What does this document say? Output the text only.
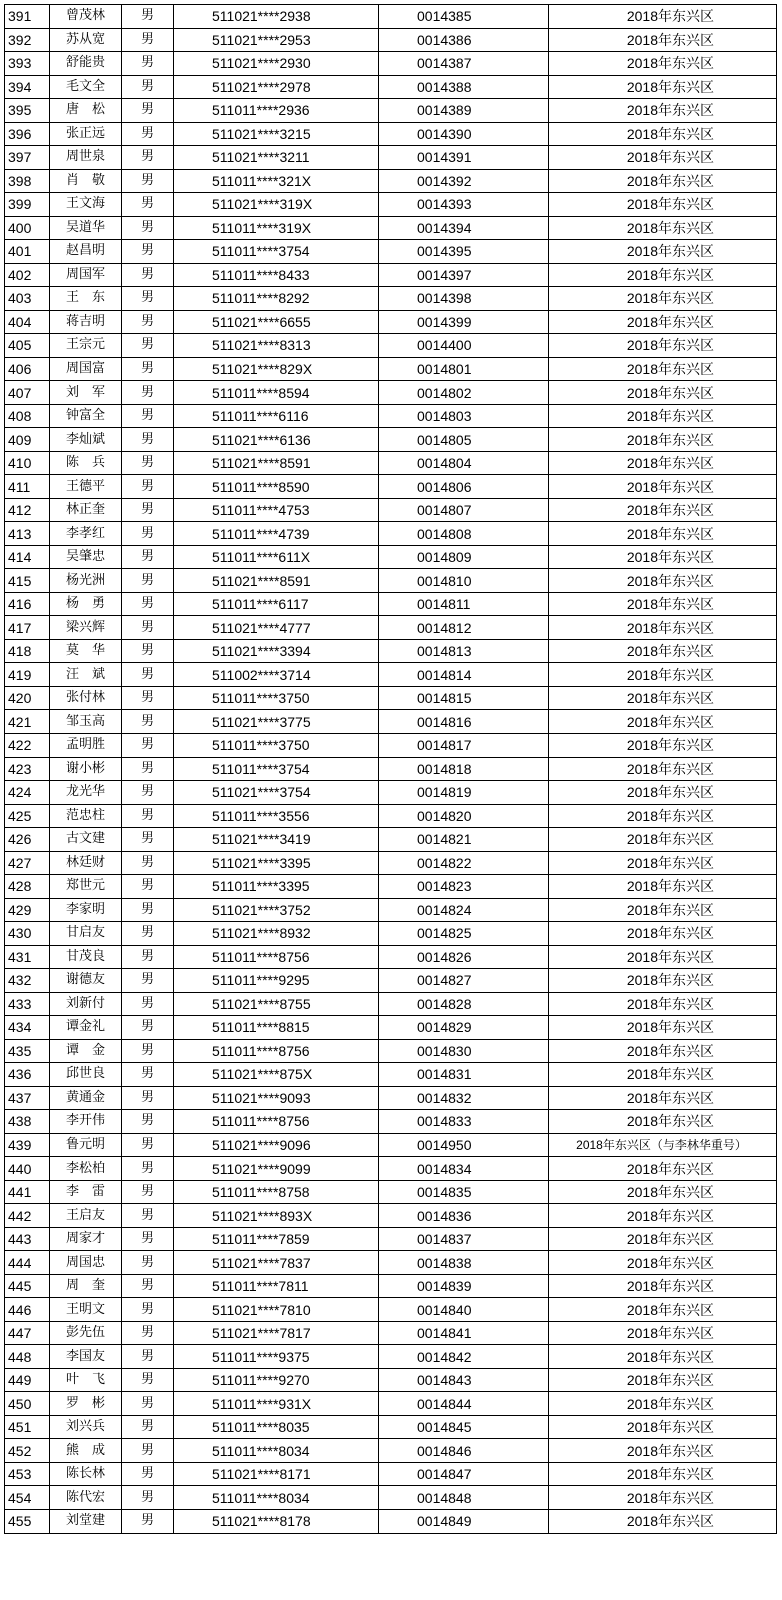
391	曾茂林	男	511021****2938	0014385	2018年东兴区
392	苏从宽	男	511021****2953	0014386	2018年东兴区
393	舒能贵	男	511021****2930	0014387	2018年东兴区
394	毛文全	男	511021****2978	0014388	2018年东兴区
395	唐　松	男	511011****2936	0014389	2018年东兴区
396	张正远	男	511021****3215	0014390	2018年东兴区
397	周世泉	男	511021****3211	0014391	2018年东兴区
398	肖　敬	男	511011****321X	0014392	2018年东兴区
399	王文海	男	511021****319X	0014393	2018年东兴区
400	吴道华	男	511011****319X	0014394	2018年东兴区
401	赵昌明	男	511011****3754	0014395	2018年东兴区
402	周国军	男	511011****8433	0014397	2018年东兴区
403	王　东	男	511011****8292	0014398	2018年东兴区
404	蒋吉明	男	511021****6655	0014399	2018年东兴区
405	王宗元	男	511021****8313	0014400	2018年东兴区
406	周国富	男	511021****829X	0014801	2018年东兴区
407	刘　军	男	511011****8594	0014802	2018年东兴区
408	钟富全	男	511011****6116	0014803	2018年东兴区
409	李灿斌	男	511021****6136	0014805	2018年东兴区
410	陈　兵	男	511021****8591	0014804	2018年东兴区
411	王德平	男	511011****8590	0014806	2018年东兴区
412	林正奎	男	511011****4753	0014807	2018年东兴区
413	李孝红	男	511011****4739	0014808	2018年东兴区
414	吴肇忠	男	511011****611X	0014809	2018年东兴区
415	杨光洲	男	511021****8591	0014810	2018年东兴区
416	杨　勇	男	511011****6117	0014811	2018年东兴区
417	梁兴辉	男	511021****4777	0014812	2018年东兴区
418	莫　华	男	511021****3394	0014813	2018年东兴区
419	汪　斌	男	511002****3714	0014814	2018年东兴区
420	张付林	男	511011****3750	0014815	2018年东兴区
421	邹玉高	男	511021****3775	0014816	2018年东兴区
422	孟明胜	男	511011****3750	0014817	2018年东兴区
423	谢小彬	男	511011****3754	0014818	2018年东兴区
424	龙光华	男	511021****3754	0014819	2018年东兴区
425	范忠柱	男	511011****3556	0014820	2018年东兴区
426	古文建	男	511021****3419	0014821	2018年东兴区
427	林廷财	男	511021****3395	0014822	2018年东兴区
428	郑世元	男	511011****3395	0014823	2018年东兴区
429	李家明	男	511021****3752	0014824	2018年东兴区
430	甘启友	男	511021****8932	0014825	2018年东兴区
431	甘茂良	男	511011****8756	0014826	2018年东兴区
432	谢德友	男	511011****9295	0014827	2018年东兴区
433	刘新付	男	511021****8755	0014828	2018年东兴区
434	谭金礼	男	511011****8815	0014829	2018年东兴区
435	谭　金	男	511011****8756	0014830	2018年东兴区
436	邱世良	男	511021****875X	0014831	2018年东兴区
437	黄通金	男	511021****9093	0014832	2018年东兴区
438	李开伟	男	511011****8756	0014833	2018年东兴区
439	鲁元明	男	511021****9096	0014950	2018年东兴区（与李林华重号）
440	李松柏	男	511021****9099	0014834	2018年东兴区
441	李　雷	男	511011****8758	0014835	2018年东兴区
442	王启友	男	511021****893X	0014836	2018年东兴区
443	周家才	男	511011****7859	0014837	2018年东兴区
444	周国忠	男	511021****7837	0014838	2018年东兴区
445	周　奎	男	511011****7811	0014839	2018年东兴区
446	王明文	男	511021****7810	0014840	2018年东兴区
447	彭先伍	男	511021****7817	0014841	2018年东兴区
448	李国友	男	511011****9375	0014842	2018年东兴区
449	叶　飞	男	511011****9270	0014843	2018年东兴区
450	罗　彬	男	511011****931X	0014844	2018年东兴区
451	刘兴兵	男	511011****8035	0014845	2018年东兴区
452	熊　成	男	511011****8034	0014846	2018年东兴区
453	陈长林	男	511021****8171	0014847	2018年东兴区
454	陈代宏	男	511011****8034	0014848	2018年东兴区
455	刘堂建	男	511021****8178	0014849	2018年东兴区
